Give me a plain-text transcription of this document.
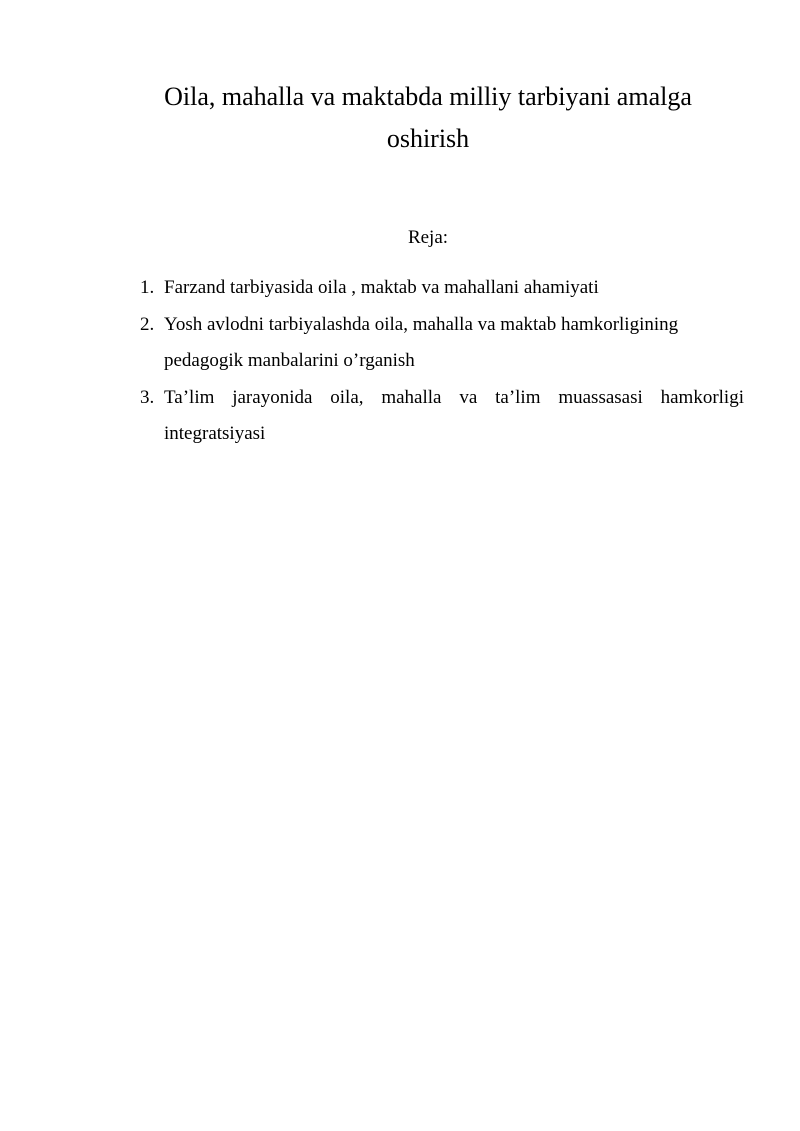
Oila, mahalla va maktabda milliy tarbiyani amalga oshirish
Reja:
1. Farzand tarbiyasida oila , maktab va mahallani ahamiyati
2. Yosh avlodni tarbiyalashda oila, mahalla va maktab hamkorligining pedagogik manbalarini o’rganish
3. Ta’lim jarayonida oila, mahalla va ta’lim muassasasi hamkorligi integratsiyasi
